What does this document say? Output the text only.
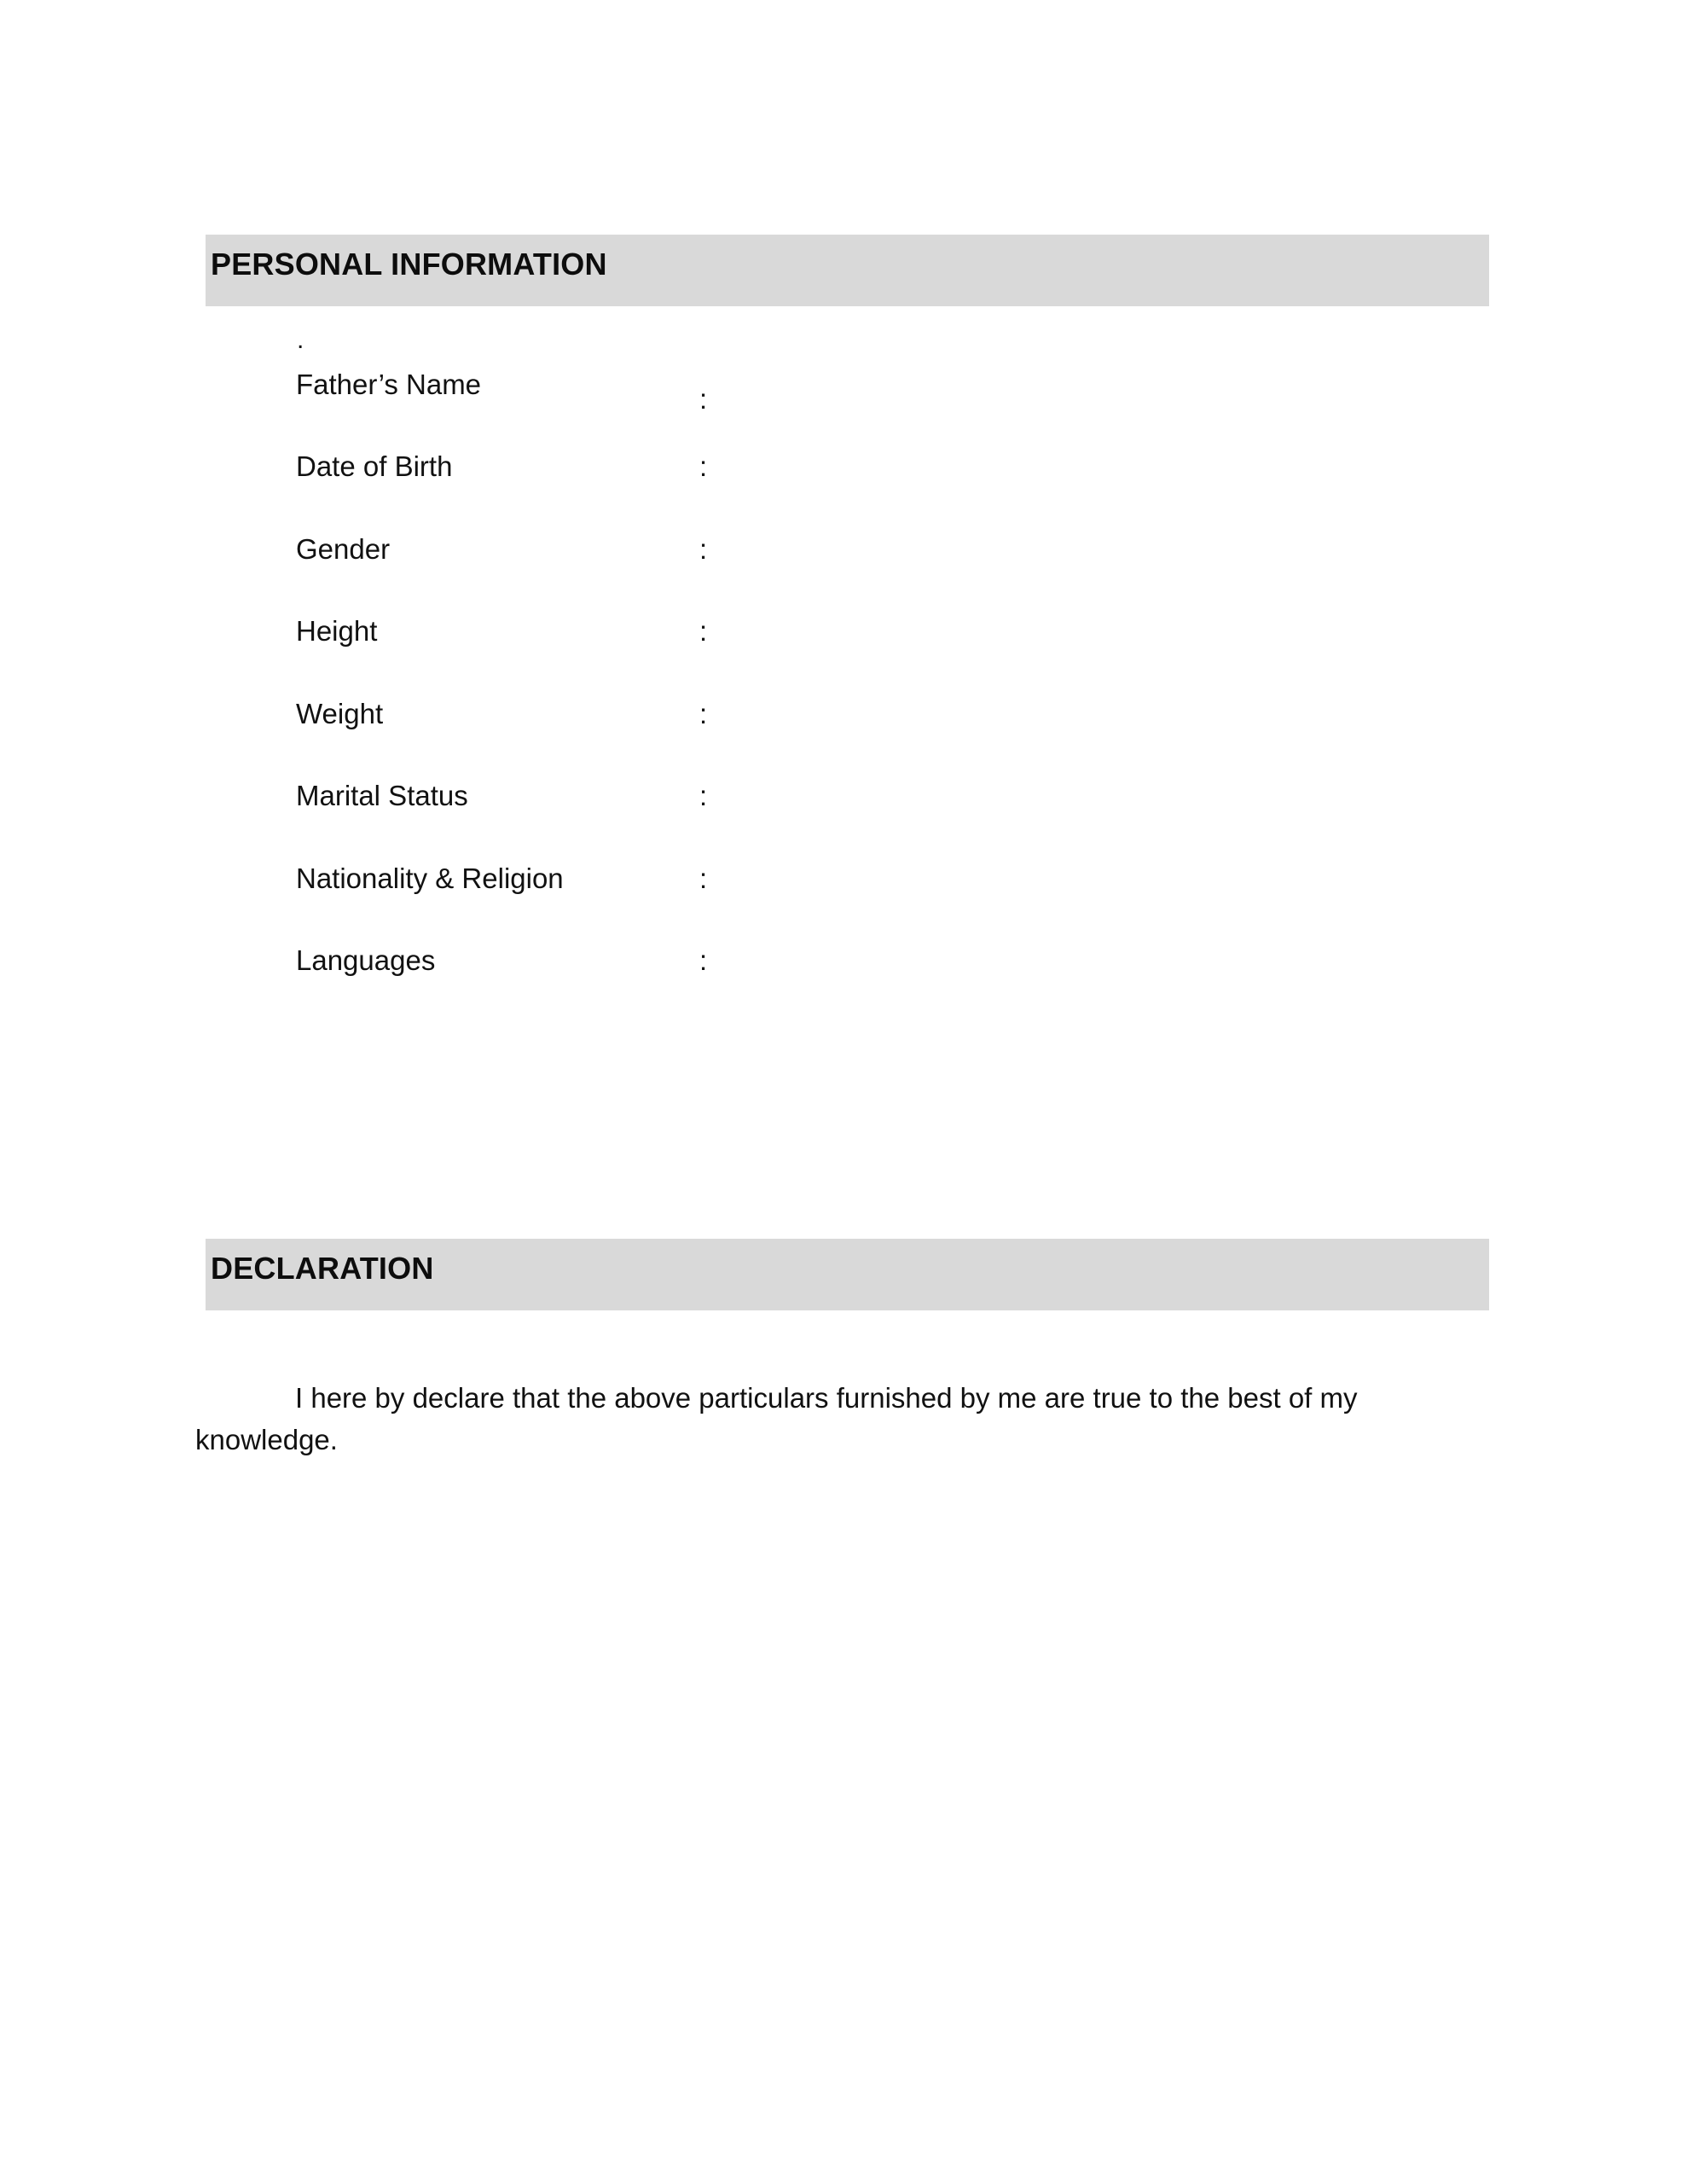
PERSONAL INFORMATION
.
Father’s Name	:
Date of Birth	:
Gender	:
Height	:
Weight	:
Marital Status	:
Nationality & Religion	:
Languages	:
DECLARATION

I here by declare that the above particulars furnished by me are true to the best of my knowledge.
